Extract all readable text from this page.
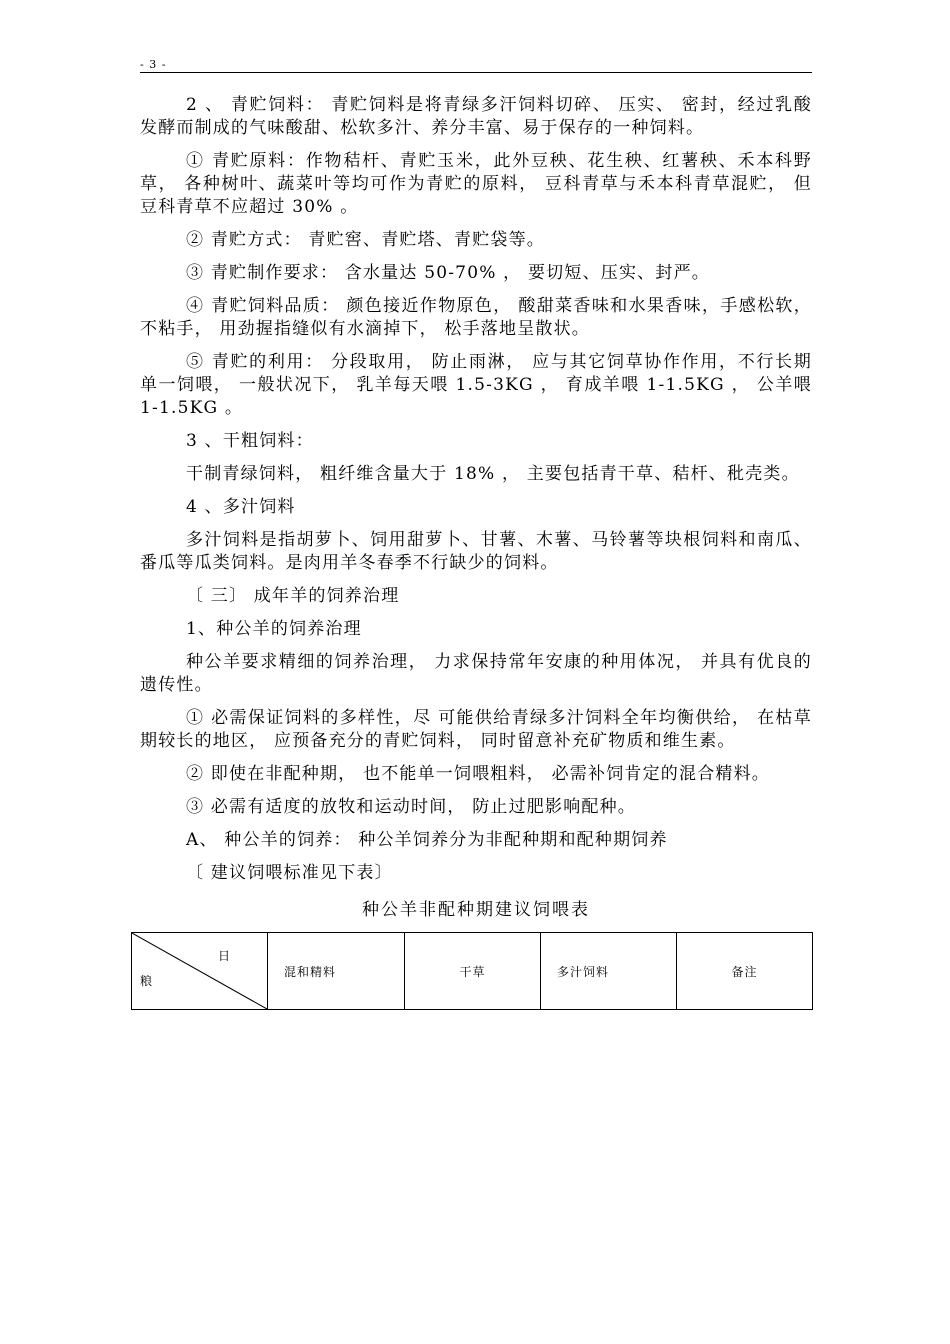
- 3 -

2 、 青贮饲料： 青贮饲料是将青绿多汗饲料切碎、 压实、 密封，经过乳酸发酵而制成的气味酸甜、松软多汁、养分丰富、易于保存的一种饲料。

① 青贮原料：作物秸杆、青贮玉米，此外豆秧、花生秧、红薯秧、禾本科野草， 各种树叶、蔬菜叶等均可作为青贮的原料， 豆科青草与禾本科青草混贮， 但豆科青草不应超过 30% 。

② 青贮方式： 青贮窖、青贮塔、青贮袋等。

③ 青贮制作要求： 含水量达 50-70% ， 要切短、压实、封严。

④ 青贮饲料品质： 颜色接近作物原色， 酸甜菜香味和水果香味，手感松软， 不粘手， 用劲握指缝似有水滴掉下， 松手落地呈散状。

⑤ 青贮的利用： 分段取用， 防止雨淋， 应与其它饲草协作作用，不行长期单一饲喂， 一般状况下， 乳羊每天喂 1.5-3KG ， 育成羊喂 1-1.5KG ， 公羊喂 1-1.5KG 。

3 、干粗饲料：

干制青绿饲料， 粗纤维含量大于 18% ， 主要包括青干草、秸杆、秕壳类。

4 、多汁饲料

多汁饲料是指胡萝卜、饲用甜萝卜、甘薯、木薯、马铃薯等块根饲料和南瓜、番瓜等瓜类饲料。是肉用羊冬春季不行缺少的饲料。

〔 三〕 成年羊的饲养治理

1、种公羊的饲养治理

种公羊要求精细的饲养治理， 力求保持常年安康的种用体况， 并具有优良的遗传性。

① 必需保证饲料的多样性，尽 可能供给青绿多汁饲料全年均衡供给， 在枯草期较长的地区， 应预备充分的青贮饲料， 同时留意补充矿物质和维生素。

② 即使在非配种期， 也不能单一饲喂粗料， 必需补饲肯定的混合精料。

③ 必需有适度的放牧和运动时间， 防止过肥影响配种。

A、 种公羊的饲养： 种公羊饲养分为非配种期和配种期饲养

〔 建议饲喂标准见下表〕

种公羊非配种期建议饲喂表
日
粮
	混和精料	干草	多汁饲料	备注
